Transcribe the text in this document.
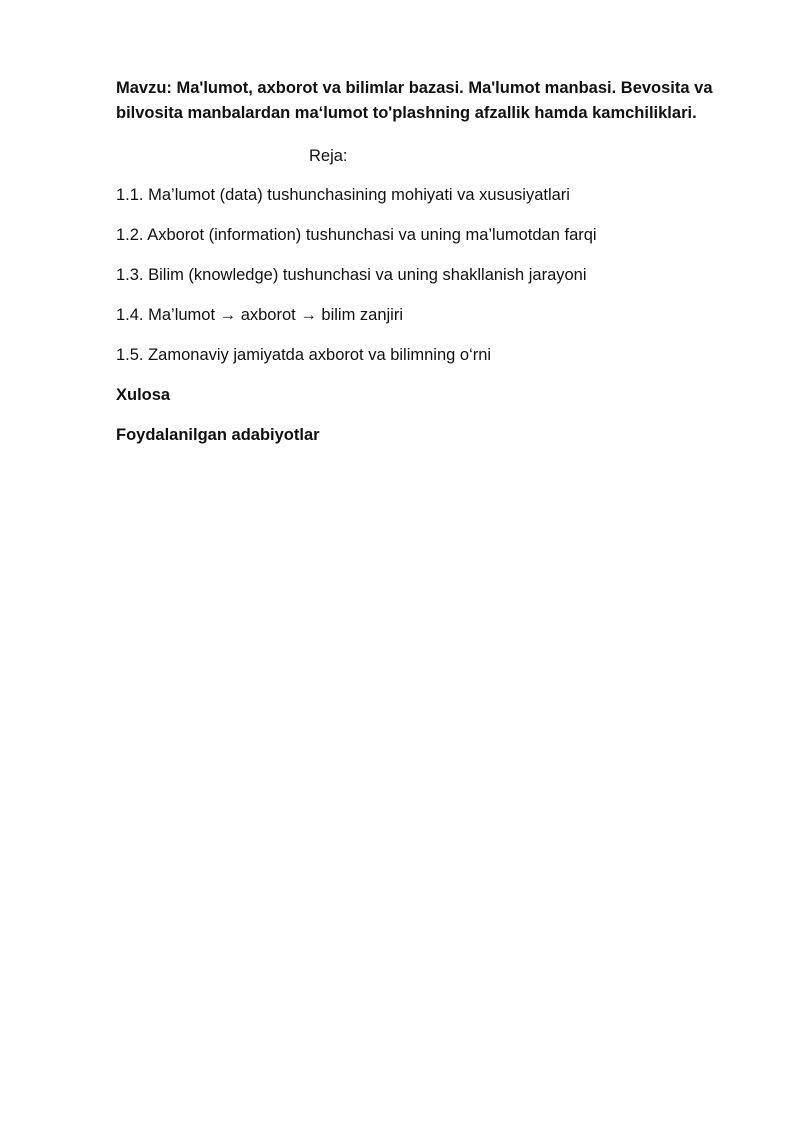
Mavzu: Ma'lumot, axborot va bilimlar bazasi. Ma'lumot manbasi. Bevosita va bilvosita manbalardan ma‘lumot to'plashning afzallik hamda kamchiliklari.

Reja:

1.1. Ma’lumot (data) tushunchasining mohiyati va xususiyatlari
1.2. Axborot (information) tushunchasi va uning ma’lumotdan farqi
1.3. Bilim (knowledge) tushunchasi va uning shakllanish jarayoni
1.4. Ma’lumot → axborot → bilim zanjiri
1.5. Zamonaviy jamiyatda axborot va bilimning o‘rni
Xulosa
Foydalanilgan adabiyotlar
